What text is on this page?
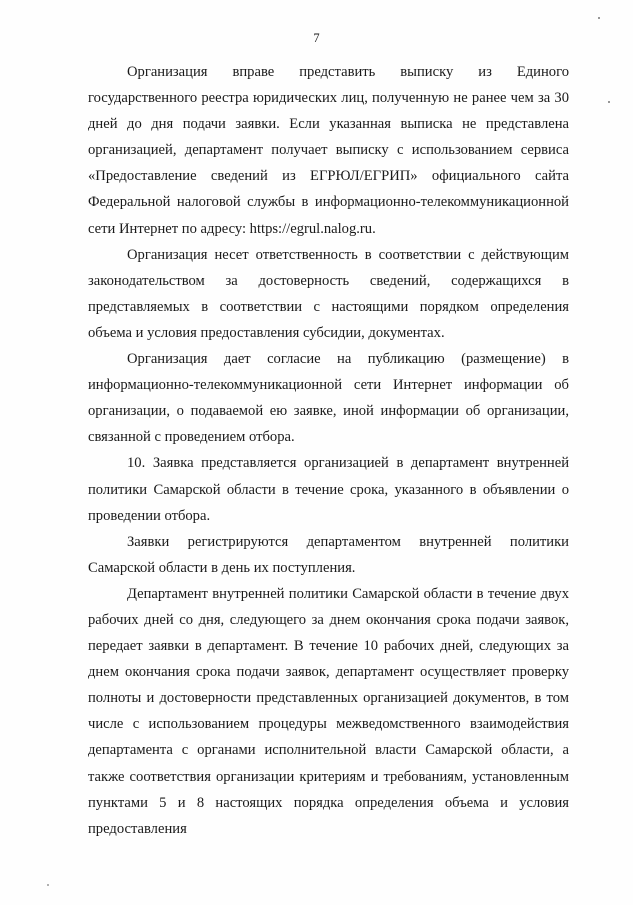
7

Организация вправе представить выписку из Единого государственного реестра юридических лиц, полученную не ранее чем за 30 дней до дня подачи заявки. Если указанная выписка не представлена организацией, департамент получает выписку с использованием сервиса «Предоставление сведений из ЕГРЮЛ/ЕГРИП» официального сайта Федеральной налоговой службы в информационно-телекоммуникационной сети Интернет по адресу: https://egrul.nalog.ru.

Организация несет ответственность в соответствии с действующим законодательством за достоверность сведений, содержащихся в представляемых в соответствии с настоящими порядком определения объема и условия предоставления субсидии, документах.

Организация дает согласие на публикацию (размещение) в информационно-телекоммуникационной сети Интернет информации об организации, о подаваемой ею заявке, иной информации об организации, связанной с проведением отбора.

10. Заявка представляется организацией в департамент внутренней политики Самарской области в течение срока, указанного в объявлении о проведении отбора.

Заявки регистрируются департаментом внутренней политики Самарской области в день их поступления.

Департамент внутренней политики Самарской области в течение двух рабочих дней со дня, следующего за днем окончания срока подачи заявок, передает заявки в департамент. В течение 10 рабочих дней, следующих за днем окончания срока подачи заявок, департамент осуществляет проверку полноты и достоверности представленных организацией документов, в том числе с использованием процедуры межведомственного взаимодействия департамента с органами исполнительной власти Самарской области, а также соответствия организации критериям и требованиям, установленным пунктами 5 и 8 настоящих порядка определения объема и условия предоставления
